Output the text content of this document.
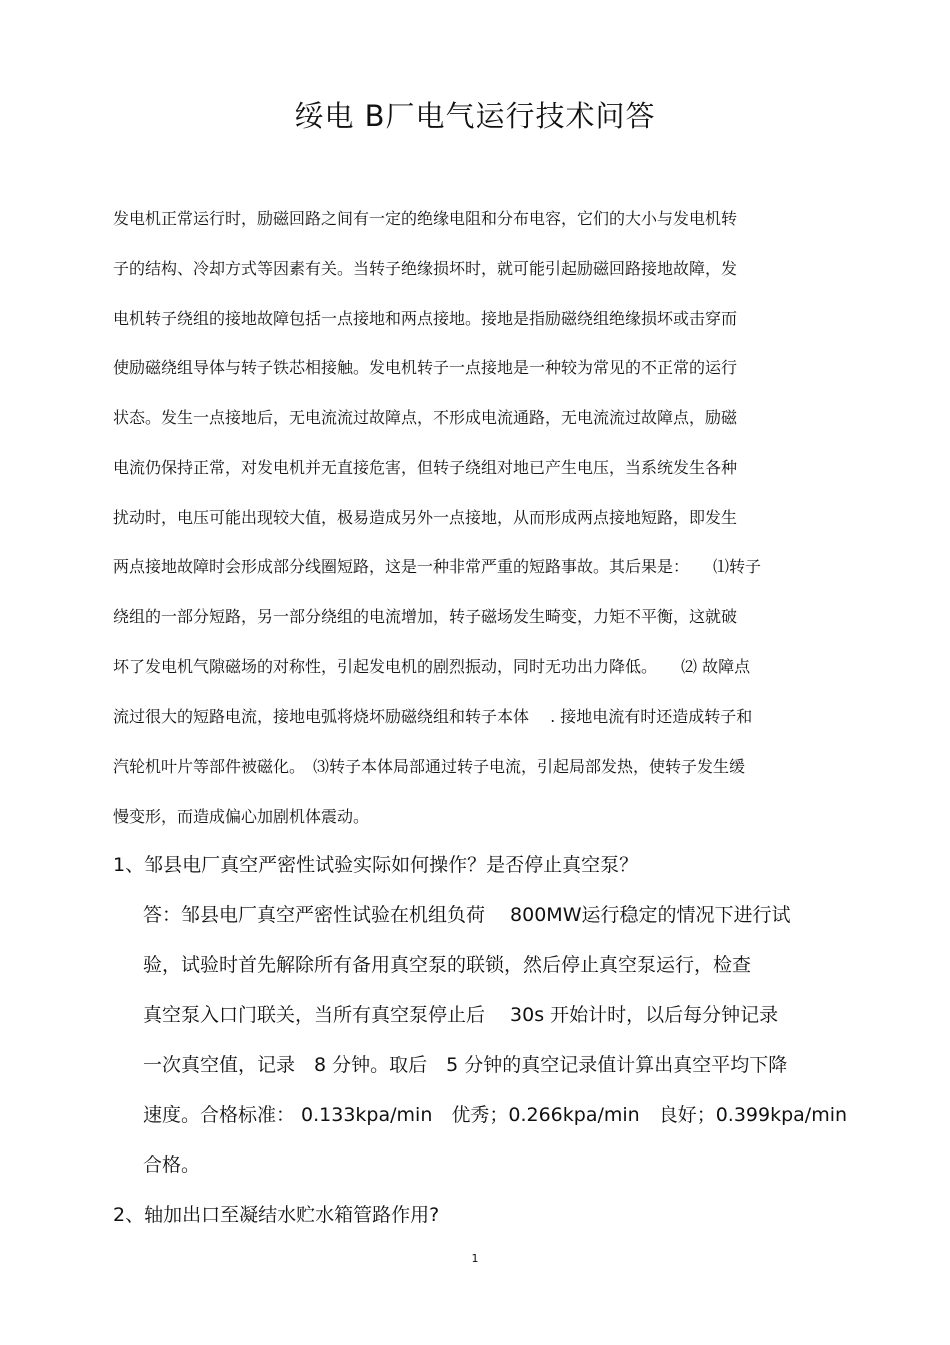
绥电 B厂电气运行技术问答
发电机正常运行时，励磁回路之间有一定的绝缘电阻和分布电容，它们的大小与发电机转
子的结构、冷却方式等因素有关。当转子绝缘损坏时，就可能引起励磁回路接地故障，发
电机转子绕组的接地故障包括一点接地和两点接地。接地是指励磁绕组绝缘损坏或击穿而
使励磁绕组导体与转子铁芯相接触。发电机转子一点接地是一种较为常见的不正常的运行
状态。发生一点接地后，无电流流过故障点，不形成电流通路，无电流流过故障点，励磁
电流仍保持正常，对发电机并无直接危害，但转子绕组对地已产生电压，当系统发生各种
扰动时，电压可能出现较大值，极易造成另外一点接地，从而形成两点接地短路，即发生
两点接地故障时会形成部分线圈短路，这是一种非常严重的短路事故。其后果是：　　⑴转子
绕组的一部分短路，另一部分绕组的电流增加，转子磁场发生畸变，力矩不平衡，这就破
坏了发电机气隙磁场的对称性，引起发电机的剧烈振动，同时无功出力降低。　　⑵ 故障点
流过很大的短路电流，接地电弧将烧坏励磁绕组和转子本体　 . 接地电流有时还造成转子和
汽轮机叶片等部件被磁化。　⑶转子本体局部通过转子电流，引起局部发热，使转子发生缓
慢变形，而造成偏心加剧机体震动。
1、邹县电厂真空严密性试验实际如何操作？是否停止真空泵？
答：邹县电厂真空严密性试验在机组负荷　 800MW运行稳定的情况下进行试
验，试验时首先解除所有备用真空泵的联锁，然后停止真空泵运行，检查
真空泵入口门联关，当所有真空泵停止后　 30s 开始计时，以后每分钟记录
一次真空值，记录　8 分钟。取后　5 分钟的真空记录值计算出真空平均下降
速度。合格标准： 0.133kpa/min　优秀；0.266kpa/min　良好；0.399kpa/min
合格。
2、轴加出口至凝结水贮水箱管路作用?
1
